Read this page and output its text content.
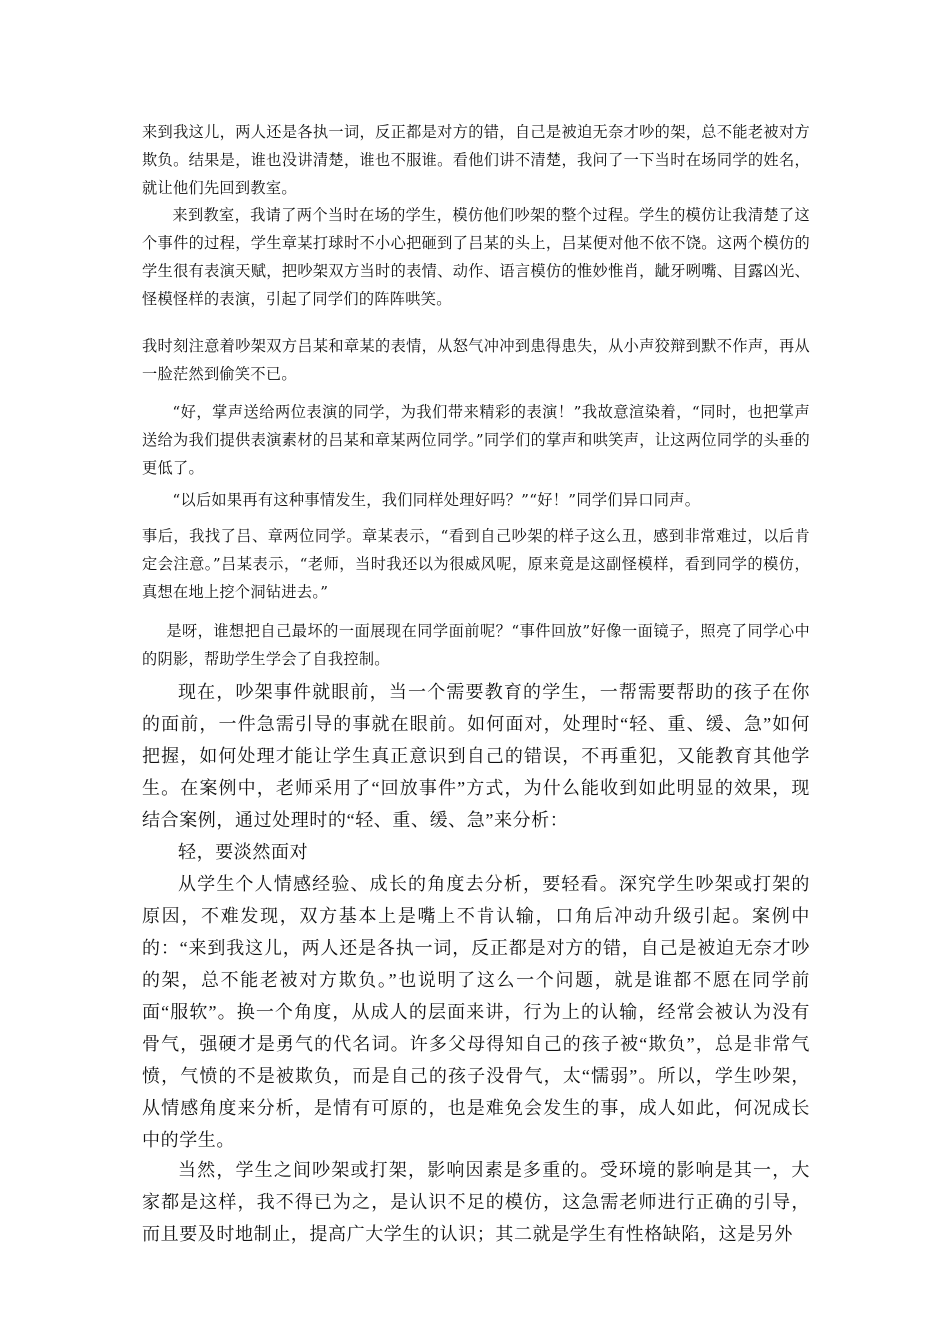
来到我这儿，两人还是各执一词，反正都是对方的错，自己是被迫无奈才吵的架，总不能老被对方欺负。结果是，谁也没讲清楚，谁也不服谁。看他们讲不清楚，我问了一下当时在场同学的姓名，就让他们先回到教室。

来到教室，我请了两个当时在场的学生，模仿他们吵架的整个过程。学生的模仿让我清楚了这个事件的过程，学生章某打球时不小心把砸到了吕某的头上，吕某便对他不依不饶。这两个模仿的学生很有表演天赋，把吵架双方当时的表情、动作、语言模仿的惟妙惟肖，龇牙咧嘴、目露凶光、怪模怪样的表演，引起了同学们的阵阵哄笑。

我时刻注意着吵架双方吕某和章某的表情，从怒气冲冲到患得患失，从小声狡辩到默不作声，再从一脸茫然到偷笑不已。

“好，掌声送给两位表演的同学，为我们带来精彩的表演！”我故意渲染着，“同时，也把掌声送给为我们提供表演素材的吕某和章某两位同学。”同学们的掌声和哄笑声，让这两位同学的头垂的更低了。

“以后如果再有这种事情发生，我们同样处理好吗？”“好！”同学们异口同声。

事后，我找了吕、章两位同学。章某表示，“看到自己吵架的样子这么丑，感到非常难过，以后肯定会注意。”吕某表示，“老师，当时我还以为很威风呢，原来竟是这副怪模样，看到同学的模仿，真想在地上挖个洞钻进去。”

是呀，谁想把自己最坏的一面展现在同学面前呢？“事件回放”好像一面镜子，照亮了同学心中的阴影，帮助学生学会了自我控制。

现在，吵架事件就眼前，当一个需要教育的学生，一帮需要帮助的孩子在你的面前，一件急需引导的事就在眼前。如何面对，处理时“轻、重、缓、急”如何把握，如何处理才能让学生真正意识到自己的错误，不再重犯，又能教育其他学生。在案例中，老师采用了“回放事件”方式，为什么能收到如此明显的效果，现结合案例，通过处理时的“轻、重、缓、急”来分析：

轻，要淡然面对

从学生个人情感经验、成长的角度去分析，要轻看。深究学生吵架或打架的原因，不难发现，双方基本上是嘴上不肯认输，口角后冲动升级引起。案例中的：“来到我这儿，两人还是各执一词，反正都是对方的错，自己是被迫无奈才吵的架，总不能老被对方欺负。”也说明了这么一个问题，就是谁都不愿在同学前面“服软”。换一个角度，从成人的层面来讲，行为上的认输，经常会被认为没有骨气，强硬才是勇气的代名词。许多父母得知自己的孩子被“欺负”，总是非常气愤，气愤的不是被欺负，而是自己的孩子没骨气，太“懦弱”。所以，学生吵架，从情感角度来分析，是情有可原的，也是难免会发生的事，成人如此，何况成长中的学生。

当然，学生之间吵架或打架，影响因素是多重的。受环境的影响是其一，大家都是这样，我不得已为之，是认识不足的模仿，这急需老师进行正确的引导，而且要及时地制止，提高广大学生的认识；其二就是学生有性格缺陷，这是另外
